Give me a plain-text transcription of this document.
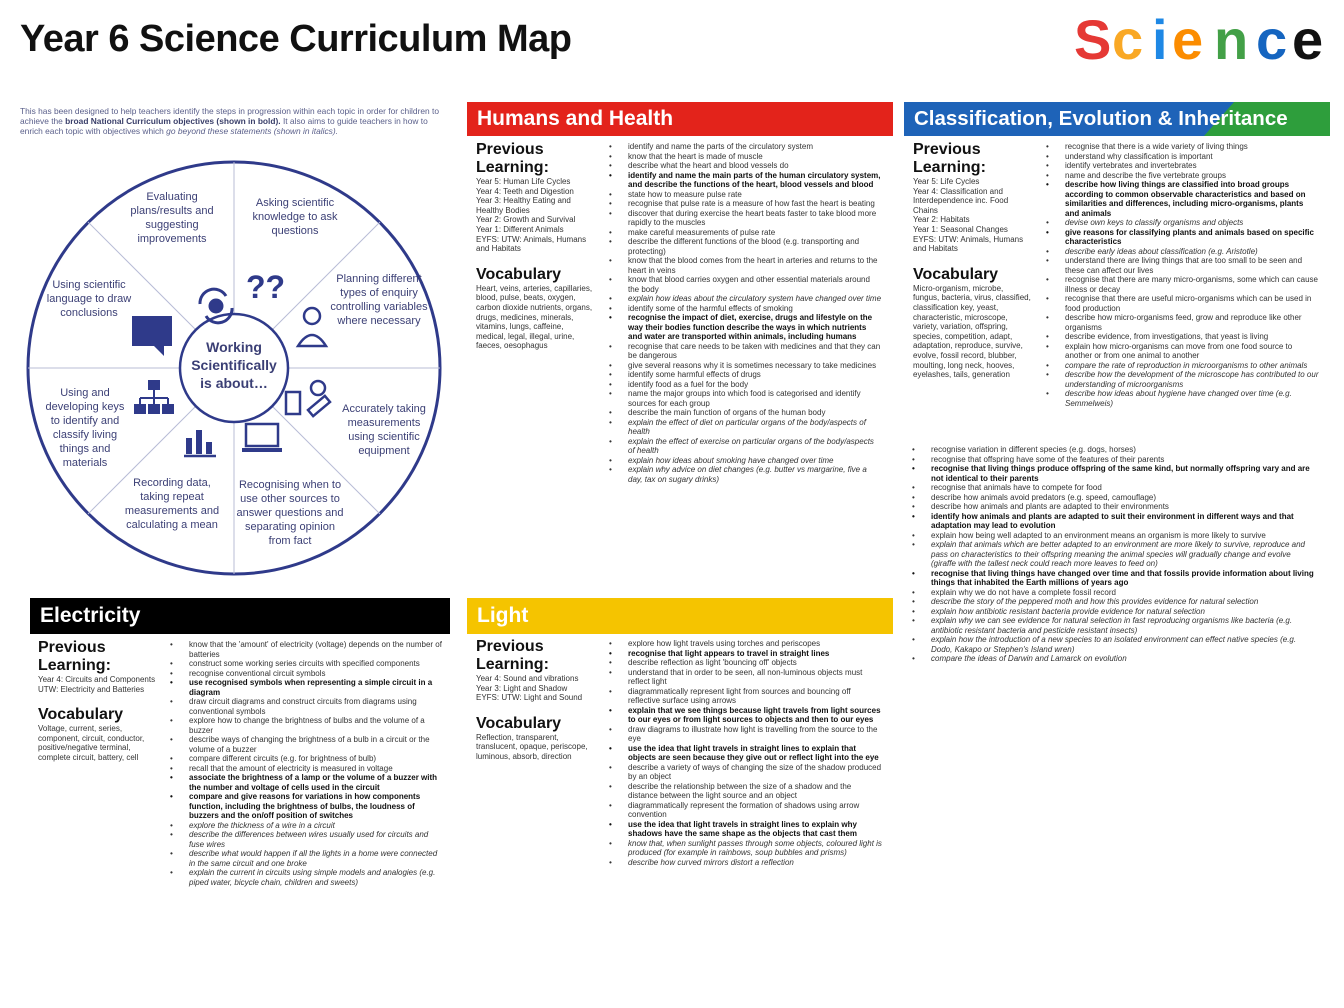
Year 6 Science Curriculum Map	S c i e n c e
This has been designed to help teachers identify the steps in progression within each topic in order for children to achieve the broad National Curriculum objectives (shown in bold). It also aims to guide teachers in how to enrich each topic with objectives which go beyond these statements (shown in italics).
??
Working Scientifically is about…
Evaluating plans/results and suggesting improvements
Asking scientific knowledge to ask questions
Planning different types of enquiry controlling variables where necessary
Accurately taking measurements using scientific equipment
Recognising when to use other sources to answer questions and separating opinion from fact
Recording data, taking repeat measurements and calculating a mean
Using and developing keys to identify and classify living things and materials
Using scientific language to draw conclusions
Humans and Health
Previous Learning:
Year 5: Human Life Cycles
Year 4: Teeth and Digestion
Year 3: Healthy Eating and Healthy Bodies
Year 2: Growth and Survival
Year 1: Different Animals
EYFS: UTW: Animals, Humans and Habitats
Vocabulary
Heart, veins, arteries, capillaries, blood, pulse, beats, oxygen, carbon dioxide nutrients, organs, drugs, medicines, minerals, vitamins, lungs, caffeine, medical, legal, illegal, urine, faeces, oesophagus
• identify and name the parts of the circulatory system
• know that the heart is made of muscle
• describe what the heart and blood vessels do
• identify and name the main parts of the human circulatory system, and describe the functions of the heart, blood vessels and blood
• state how to measure pulse rate
• recognise that pulse rate is a measure of how fast the heart is beating
• discover that during exercise the heart beats faster to take blood more rapidly to the muscles
• make careful measurements of pulse rate
• describe the different functions of the blood (e.g. transporting and protecting)
• know that the blood comes from the heart in arteries and returns to the heart in veins
• know that blood carries oxygen and other essential materials around the body
• explain how ideas about the circulatory system have changed over time
• identify some of the harmful effects of smoking
• recognise the impact of diet, exercise, drugs and lifestyle on the way their bodies function describe the ways in which nutrients and water are transported within animals, including humans
• recognise that care needs to be taken with medicines and that they can be dangerous
• give several reasons why it is sometimes necessary to take medicines
• identify some harmful effects of drugs
• identify food as a fuel for the body
• name the major groups into which food is categorised and identify sources for each group
• describe the main function of organs of the human body
• explain the effect of diet on particular organs of the body/aspects of health
• explain the effect of exercise on particular organs of the body/aspects of health
• explain how ideas about smoking have changed over time
• explain why advice on diet changes (e.g. butter vs margarine, five a day, tax on sugary drinks)
Classification, Evolution & Inheritance
Previous Learning:
Year 5: Life Cycles
Year 4: Classification and Interdependence inc. Food Chains
Year 2: Habitats
Year 1: Seasonal Changes
EYFS: UTW: Animals, Humans and Habitats
Vocabulary
Micro-organism, microbe, fungus, bacteria, virus, classified, classification key, yeast, characteristic, microscope, variety, variation, offspring, species, competition, adapt, adaptation, reproduce, survive, evolve, fossil record, blubber, moulting, long neck, hooves, eyelashes, tails, generation
• recognise that there is a wide variety of living things
• understand why classification is important
• identify vertebrates and invertebrates
• name and describe the five vertebrate groups
• describe how living things are classified into broad groups according to common observable characteristics and based on similarities and differences, including micro-organisms, plants and animals
• devise own keys to classify organisms and objects
• give reasons for classifying plants and animals based on specific characteristics
• describe early ideas about classification (e.g. Aristotle)
• understand there are living things that are too small to be seen and these can affect our lives
• recognise that there are many micro-organisms, some which can cause illness or decay
• recognise that there are useful micro-organisms which can be used in food production
• describe how micro-organisms feed, grow and reproduce like other organisms
• describe evidence, from investigations, that yeast is living
• explain how micro-organisms can move from one food source to another or from one animal to another
• compare the rate of reproduction in microorganisms to other animals
• describe how the development of the microscope has contributed to our understanding of microorganisms
• describe how ideas about hygiene have changed over time (e.g. Semmelweis)
• recognise variation in different species (e.g. dogs, horses)
• recognise that offspring have some of the features of their parents
• recognise that living things produce offspring of the same kind, but normally offspring vary and are not identical to their parents
• recognise that animals have to compete for food
• describe how animals avoid predators (e.g. speed, camouflage)
• describe how animals and plants are adapted to their environments
• identify how animals and plants are adapted to suit their environment in different ways and that adaptation may lead to evolution
• explain how being well adapted to an environment means an organism is more likely to survive
• explain that animals which are better adapted to an environment are more likely to survive, reproduce and pass on characteristics to their offspring meaning the animal species will gradually change and evolve (giraffe with the tallest neck could reach more leaves to feed on)
• recognise that living things have changed over time and that fossils provide information about living things that inhabited the Earth millions of years ago
• explain why we do not have a complete fossil record
• describe the story of the peppered moth and how this provides evidence for natural selection
• explain how antibiotic resistant bacteria provide evidence for natural selection
• explain why we can see evidence for natural selection in fast reproducing organisms like bacteria (e.g. antibiotic resistant bacteria and pesticide resistant insects)
• explain how the introduction of a new species to an isolated environment can effect native species (e.g. Dodo, Kakapo or Stephen's Island wren)
• compare the ideas of Darwin and Lamarck on evolution
Electricity
Previous Learning:
Year 4: Circuits and Components
UTW: Electricity and Batteries
Vocabulary
Voltage, current, series, component, circuit, conductor, positive/negative terminal, complete circuit, battery, cell
• know that the 'amount' of electricity (voltage) depends on the number of batteries
• construct some working series circuits with specified components
• recognise conventional circuit symbols
• use recognised symbols when representing a simple circuit in a diagram
• draw circuit diagrams and construct circuits from diagrams using conventional symbols
• explore how to change the brightness of bulbs and the volume of a buzzer
• describe ways of changing the brightness of a bulb in a circuit or the volume of a buzzer
• compare different circuits (e.g. for brightness of bulb)
• recall that the amount of electricity is measured in voltage
• associate the brightness of a lamp or the volume of a buzzer with the number and voltage of cells used in the circuit
• compare and give reasons for variations in how components function, including the brightness of bulbs, the loudness of buzzers and the on/off position of switches
• explore the thickness of a wire in a circuit
• describe the differences between wires usually used for circuits and fuse wires
• describe what would happen if all the lights in a home were connected in the same circuit and one broke
• explain the current in circuits using simple models and analogies (e.g. piped water, bicycle chain, children and sweets)
Light
Previous Learning:
Year 4: Sound and vibrations
Year 3: Light and Shadow
EYFS: UTW: Light and Sound
Vocabulary
Reflection, transparent, translucent, opaque, periscope, luminous, absorb, direction
• explore how light travels using torches and periscopes
• recognise that light appears to travel in straight lines
• describe reflection as light 'bouncing off' objects
• understand that in order to be seen, all non-luminous objects must reflect light
• diagrammatically represent light from sources and bouncing off reflective surface using arrows
• explain that we see things because light travels from light sources to our eyes or from light sources to objects and then to our eyes
• draw diagrams to illustrate how light is travelling from the source to the eye
• use the idea that light travels in straight lines to explain that objects are seen because they give out or reflect light into the eye
• describe a variety of ways of changing the size of the shadow produced by an object
• describe the relationship between the size of a shadow and the distance between the light source and an object
• diagrammatically represent the formation of shadows using arrow convention
• use the idea that light travels in straight lines to explain why shadows have the same shape as the objects that cast them
• know that, when sunlight passes through some objects, coloured light is produced (for example in rainbows, soup bubbles and prisms)
• describe how curved mirrors distort a reflection
